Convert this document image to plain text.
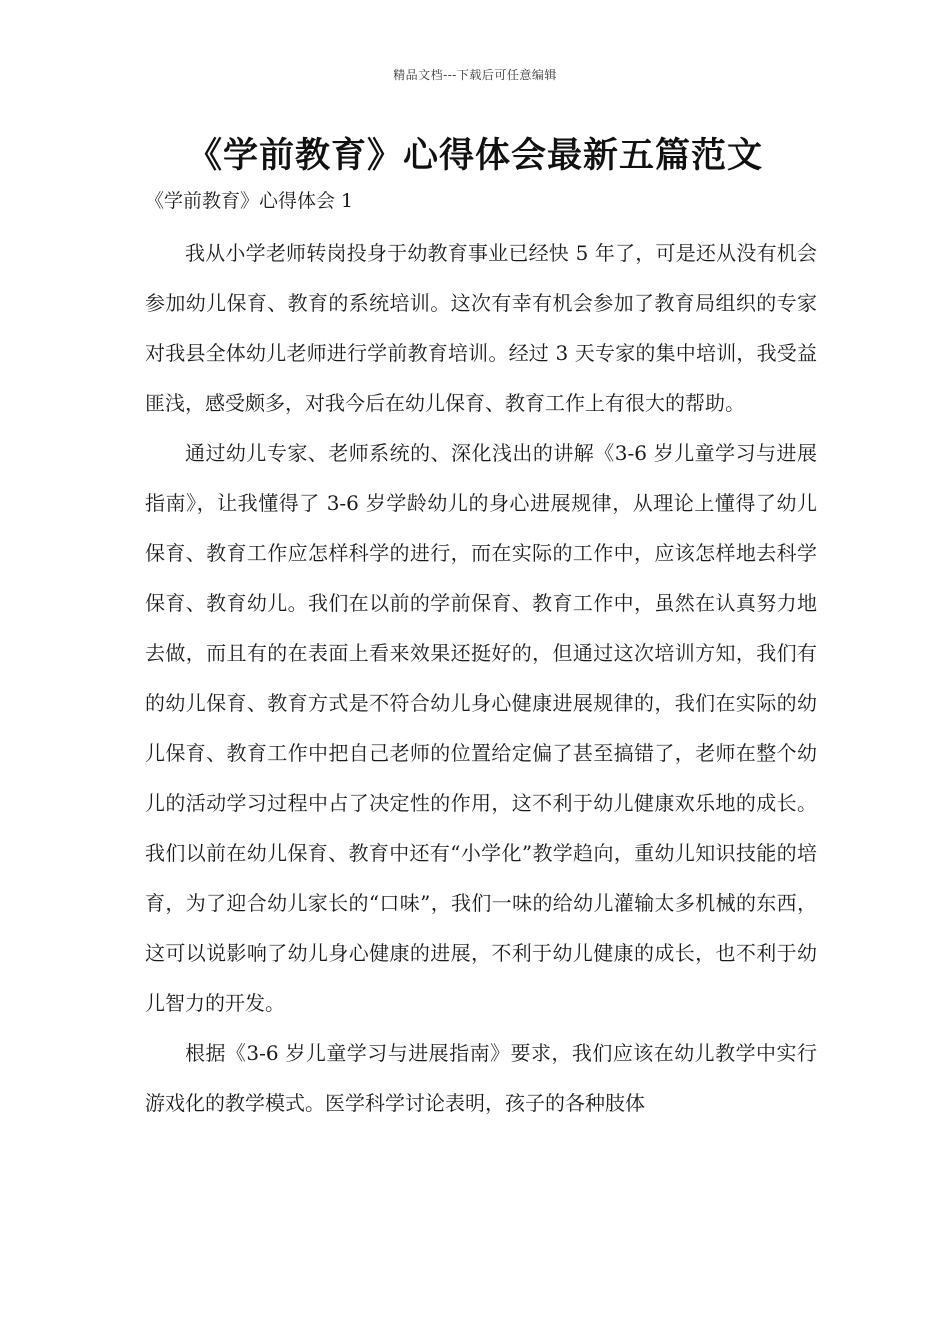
精品文档---下载后可任意编辑
《学前教育》心得体会最新五篇范文
《学前教育》心得体会 1

我从小学老师转岗投身于幼教育事业已经快 5 年了，可是还从没有机会参加幼儿保育、教育的系统培训。这次有幸有机会参加了教育局组织的专家对我县全体幼儿老师进行学前教育培训。经过 3 天专家的集中培训，我受益匪浅，感受颇多，对我今后在幼儿保育、教育工作上有很大的帮助。

通过幼儿专家、老师系统的、深化浅出的讲解《3-6 岁儿童学习与进展指南》，让我懂得了 3-6 岁学龄幼儿的身心进展规律，从理论上懂得了幼儿保育、教育工作应怎样科学的进行，而在实际的工作中，应该怎样地去科学保育、教育幼儿。我们在以前的学前保育、教育工作中，虽然在认真努力地去做，而且有的在表面上看来效果还挺好的，但通过这次培训方知，我们有的幼儿保育、教育方式是不符合幼儿身心健康进展规律的，我们在实际的幼儿保育、教育工作中把自己老师的位置给定偏了甚至搞错了，老师在整个幼儿的活动学习过程中占了决定性的作用，这不利于幼儿健康欢乐地的成长。我们以前在幼儿保育、教育中还有“小学化”教学趋向，重幼儿知识技能的培育，为了迎合幼儿家长的“口味”，我们一味的给幼儿灌输太多机械的东西，这可以说影响了幼儿身心健康的进展，不利于幼儿健康的成长，也不利于幼儿智力的开发。

根据《3-6 岁儿童学习与进展指南》要求，我们应该在幼儿教学中实行游戏化的教学模式。医学科学讨论表明，孩子的各种肢体
